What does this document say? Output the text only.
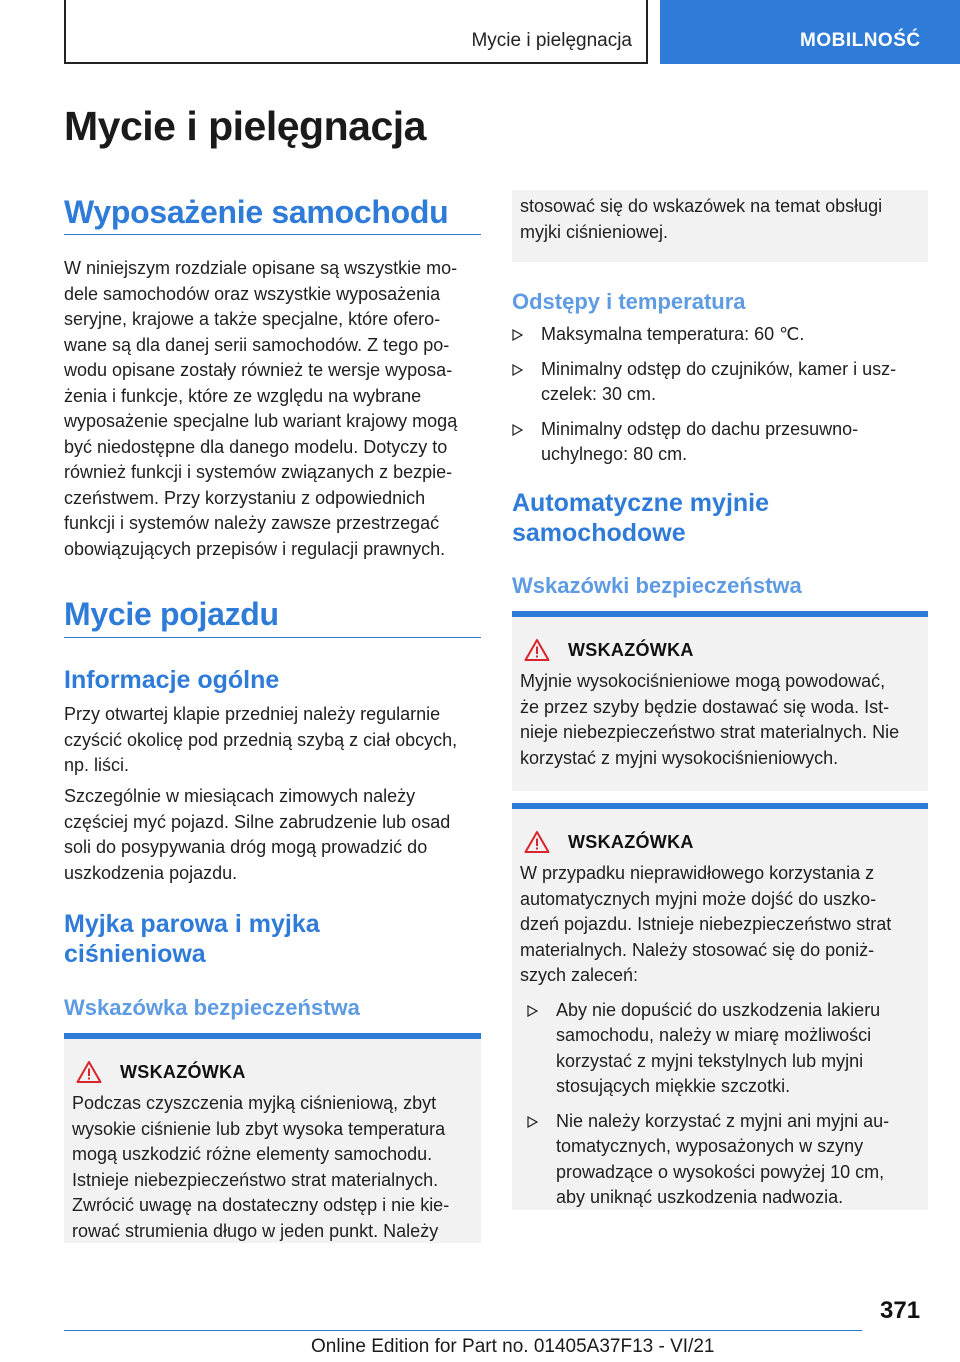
Mycie i pielęgnacja	MOBILNOŚĆ
Mycie i pielęgnacja
Wyposażenie samochodu
W niniejszym rozdziale opisane są wszystkie mo-
dele samochodów oraz wszystkie wyposażenia
seryjne, krajowe a także specjalne, które ofero-
wane są dla danej serii samochodów. Z tego po-
wodu opisane zostały również te wersje wyposa-
żenia i funkcje, które ze względu na wybrane
wyposażenie specjalne lub wariant krajowy mogą
być niedostępne dla danego modelu. Dotyczy to
również funkcji i systemów związanych z bezpie-
czeństwem. Przy korzystaniu z odpowiednich
funkcji i systemów należy zawsze przestrzegać
obowiązujących przepisów i regulacji prawnych.
Mycie pojazdu
Informacje ogólne
Przy otwartej klapie przedniej należy regularnie
czyścić okolicę pod przednią szybą z ciał obcych,
np. liści.
Szczególnie w miesiącach zimowych należy
częściej myć pojazd. Silne zabrudzenie lub osad
soli do posypywania dróg mogą prowadzić do
uszkodzenia pojazdu.
Myjka parowa i myjka
ciśnieniowa
Wskazówka bezpieczeństwa
WSKAZÓWKA
Podczas czyszczenia myjką ciśnieniową, zbyt
wysokie ciśnienie lub zbyt wysoka temperatura
mogą uszkodzić różne elementy samochodu.
Istnieje niebezpieczeństwo strat materialnych.
Zwrócić uwagę na dostateczny odstęp i nie kie-
rować strumienia długo w jeden punkt. Należy
stosować się do wskazówek na temat obsługi
myjki ciśnieniowej.
Odstępy i temperatura
Maksymalna temperatura: 60 ℃.
Minimalny odstęp do czujników, kamer i usz-
czelek: 30 cm.
Minimalny odstęp do dachu przesuwno-
uchylnego: 80 cm.
Automatyczne myjnie
samochodowe
Wskazówki bezpieczeństwa
WSKAZÓWKA
Myjnie wysokociśnieniowe mogą powodować,
że przez szyby będzie dostawać się woda. Ist-
nieje niebezpieczeństwo strat materialnych. Nie
korzystać z myjni wysokociśnieniowych.
WSKAZÓWKA
W przypadku nieprawidłowego korzystania z
automatycznych myjni może dojść do uszko-
dzeń pojazdu. Istnieje niebezpieczeństwo strat
materialnych. Należy stosować się do poniż-
szych zaleceń:
Aby nie dopuścić do uszkodzenia lakieru
samochodu, należy w miarę możliwości
korzystać z myjni tekstylnych lub myjni
stosujących miękkie szczotki.
Nie należy korzystać z myjni ani myjni au-
tomatycznych, wyposażonych w szyny
prowadzące o wysokości powyżej 10 cm,
aby uniknąć uszkodzenia nadwozia.
371
Online Edition for Part no. 01405A37F13 - VI/21
